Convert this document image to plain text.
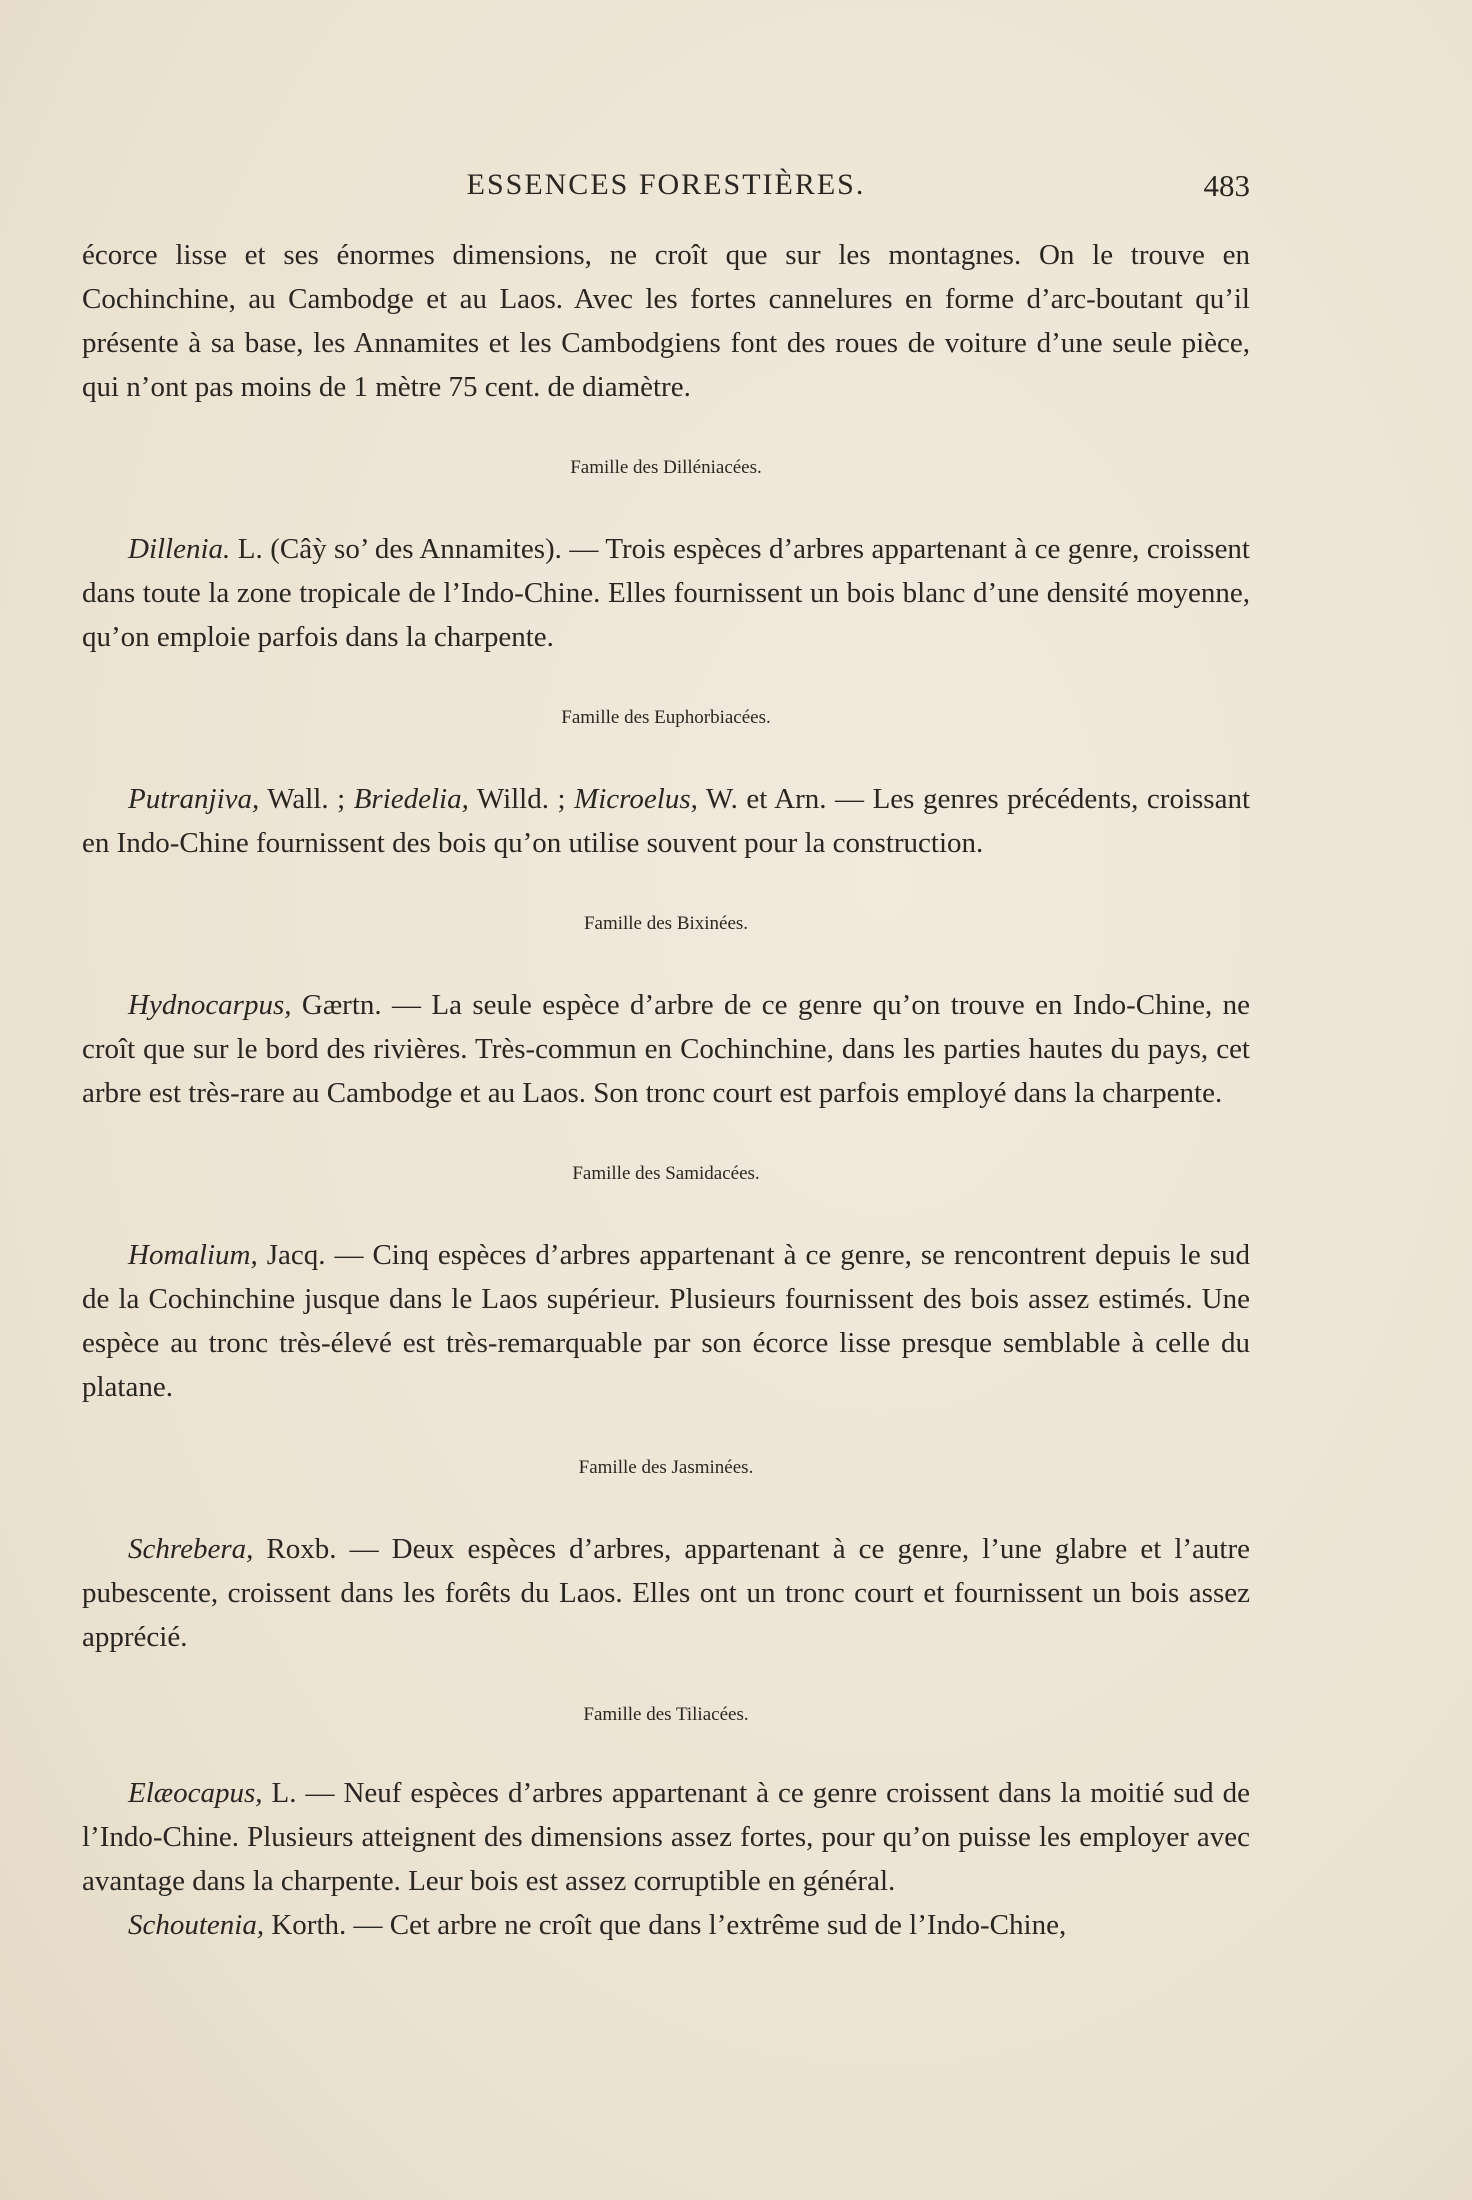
ESSENCES FORESTIÈRES.	483

écorce lisse et ses énormes dimensions, ne croît que sur les montagnes. On le trouve en Cochinchine, au Cambodge et au Laos. Avec les fortes cannelures en forme d’arc-boutant qu’il présente à sa base, les Annamites et les Cambodgiens font des roues de voiture d’une seule pièce, qui n’ont pas moins de 1 mètre 75 cent. de diamètre.

Famille des Dilléniacées.

Dillenia. L. (Câỳ so’ des Annamites). — Trois espèces d’arbres appartenant à ce genre, croissent dans toute la zone tropicale de l’Indo-Chine. Elles fournissent un bois blanc d’une densité moyenne, qu’on emploie parfois dans la charpente.

Famille des Euphorbiacées.

Putranjiva, Wall. ; Briedelia, Willd. ; Microelus, W. et Arn. — Les genres précédents, croissant en Indo-Chine fournissent des bois qu’on utilise souvent pour la construction.

Famille des Bixinées.

Hydnocarpus, Gærtn. — La seule espèce d’arbre de ce genre qu’on trouve en Indo-Chine, ne croît que sur le bord des rivières. Très-commun en Cochinchine, dans les parties hautes du pays, cet arbre est très-rare au Cambodge et au Laos. Son tronc court est parfois employé dans la charpente.

Famille des Samidacées.

Homalium, Jacq. — Cinq espèces d’arbres appartenant à ce genre, se rencontrent depuis le sud de la Cochinchine jusque dans le Laos supérieur. Plusieurs fournissent des bois assez estimés. Une espèce au tronc très-élevé est très-remarquable par son écorce lisse presque semblable à celle du platane.

Famille des Jasminées.

Schrebera, Roxb. — Deux espèces d’arbres, appartenant à ce genre, l’une glabre et l’autre pubescente, croissent dans les forêts du Laos. Elles ont un tronc court et fournissent un bois assez apprécié.

Famille des Tiliacées.

Elæocapus, L. — Neuf espèces d’arbres appartenant à ce genre croissent dans la moitié sud de l’Indo-Chine. Plusieurs atteignent des dimensions assez fortes, pour qu’on puisse les employer avec avantage dans la charpente. Leur bois est assez corruptible en général.

Schoutenia, Korth. — Cet arbre ne croît que dans l’extrême sud de l’Indo-Chine,
